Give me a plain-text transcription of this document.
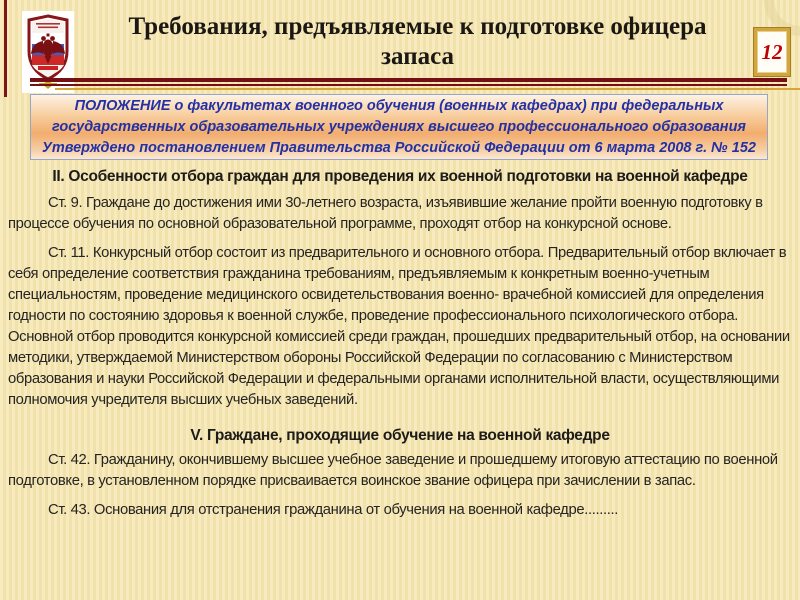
Требования, предъявляемые к подготовке офицера запаса	12
ПОЛОЖЕНИЕ о факультетах военного обучения (военных кафедрах) при федеральных
государственных образовательных учреждениях высшего профессионального образования
Утверждено постановлением Правительства Российской Федерации от 6 марта 2008 г. № 152
II. Особенности отбора граждан для проведения их военной подготовки на военной кафедре

Ст. 9. Граждане до достижения ими 30-летнего возраста, изъявившие желание пройти военную подготовку в процессе обучения по основной образовательной программе, проходят отбор на конкурсной основе.

Ст. 11. Конкурсный отбор состоит из предварительного и основного отбора. Предварительный отбор включает в себя определение соответствия гражданина требованиям, предъявляемым к конкретным военно-учетным специальностям, проведение медицинского освидетельствования военно- врачебной комиссией для определения годности по состоянию здоровья к военной службе, проведение профессионального психологического отбора. Основной отбор проводится конкурсной комиссией среди граждан, прошедших предварительный отбор, на основании методики, утверждаемой Министерством обороны Российской Федерации по согласованию с Министерством образования и науки Российской Федерации и федеральными органами исполнительной власти, осуществляющими полномочия учредителя высших учебных заведений.

V. Граждане, проходящие обучение на военной кафедре

Ст. 42. Гражданину, окончившему высшее учебное заведение и прошедшему итоговую аттестацию по военной подготовке, в установленном порядке присваивается воинское звание офицера при зачислении в запас.

Ст. 43. Основания для отстранения гражданина от обучения на военной кафедре.........
